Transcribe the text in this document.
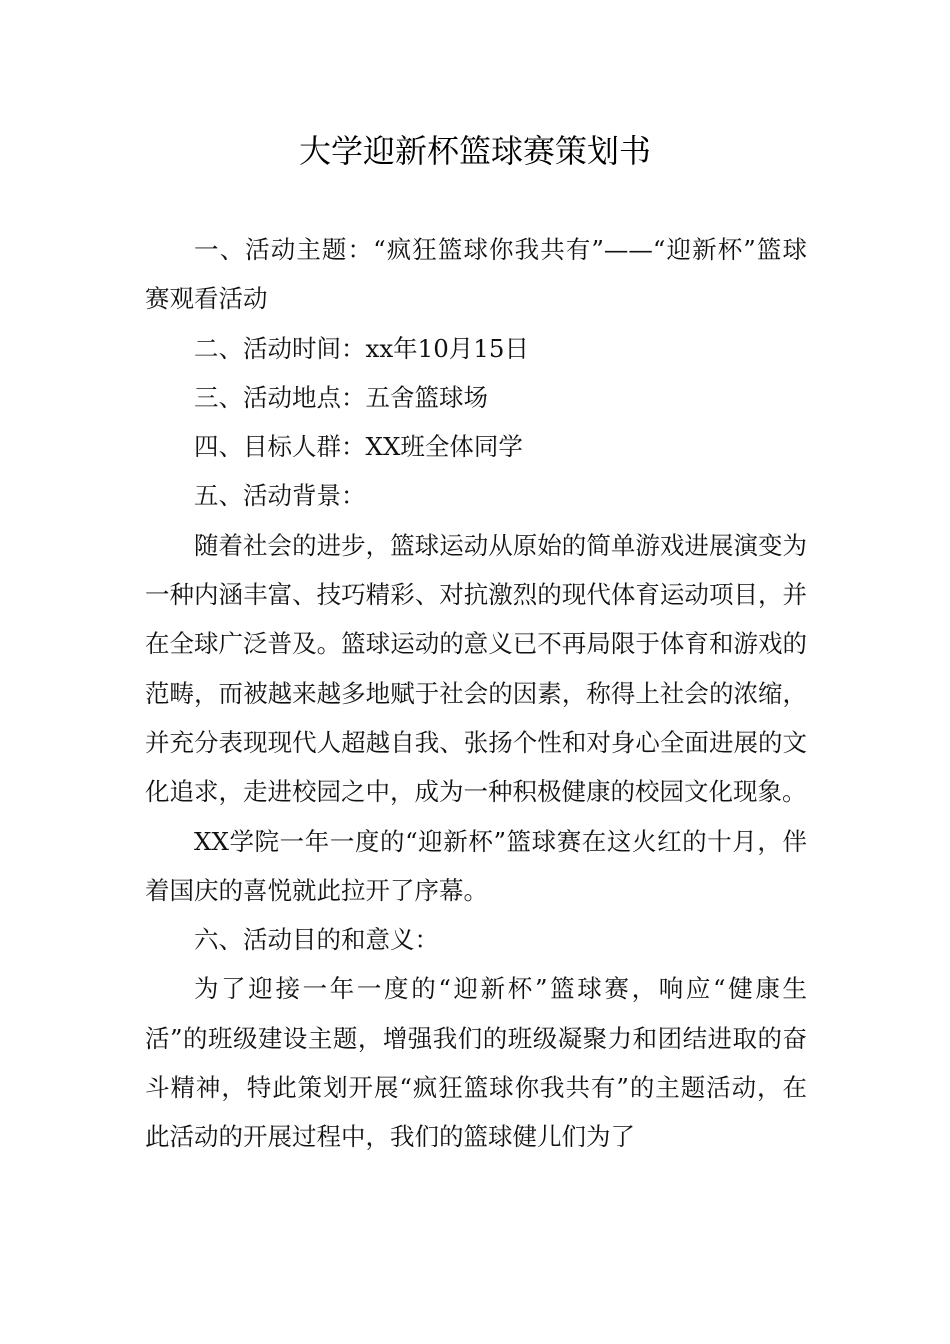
大学迎新杯篮球赛策划书

一、活动主题：“疯狂篮球你我共有”——“迎新杯”篮球赛观看活动

二、活动时间：xx年10月15日

三、活动地点：五舍篮球场

四、目标人群：XX班全体同学

五、活动背景：

随着社会的进步，篮球运动从原始的简单游戏进展演变为一种内涵丰富、技巧精彩、对抗激烈的现代体育运动项目，并在全球广泛普及。篮球运动的意义已不再局限于体育和游戏的范畴，而被越来越多地赋于社会的因素，称得上社会的浓缩，并充分表现现代人超越自我、张扬个性和对身心全面进展的文化追求，走进校园之中，成为一种积极健康的校园文化现象。

XX学院一年一度的“迎新杯”篮球赛在这火红的十月，伴着国庆的喜悦就此拉开了序幕。

六、活动目的和意义：

为了迎接一年一度的“迎新杯”篮球赛，响应“健康生活”的班级建设主题，增强我们的班级凝聚力和团结进取的奋斗精神，特此策划开展“疯狂篮球你我共有”的主题活动，在此活动的开展过程中，我们的篮球健儿们为了
